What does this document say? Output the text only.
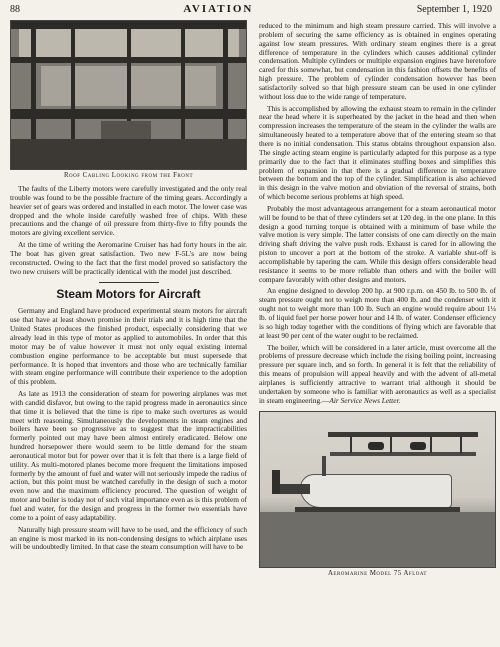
88	AVIATION	September 1, 1920
Roof Cabling Looking from the Front

The faults of the Liberty motors were carefully investigated and the only real trouble was found to be the possible fracture of the timing gears. Accordingly a heavier set of gears was ordered and installed in each motor. The lower case was dropped and the whole inside carefully washed free of chips. With these precautions and the change of oil pressure from thirty-five to fifty pounds the motors are giving excellent service.

At the time of writing the Aeromarine Cruiser has had forty hours in the air. The boat has given great satisfaction. Two new F-5L's are now being reconstructed. Owing to the fact that the first model proved so satisfactory the two new cruisers will be practically identical with the model just described.

Steam Motors for Aircraft

Germany and England have produced experimental steam motors for aircraft use that have at least shown promise in their trials and it is high time that the United States produces the finished product, especially considering that we already lead in this type of motor as applied to automobiles. In order that this motor may be of value however it must not only equal existing internal combustion engine performance to be acceptable but must supersede that performance. It is hoped that inventors and those who are technically familiar with steam engine performance will contribute their experience to the adoption of this problem.

As late as 1913 the consideration of steam for powering airplanes was met with candid disfavor, but owing to the rapid progress made in aeronautics since that time it is believed that the time is ripe to make such overtures as would meet with reasoning. Simultaneously the developments in steam engines and boilers have been so progressive as to suggest that the impracticabilities formerly pointed out may have been almost entirely eradicated. Below one hundred horsepower there would seem to be little demand for the steam aeronautical motor but for power over that it is felt that there is a large field of utility. As multi-motored planes become more frequent the limitations imposed formerly by the amount of fuel and water will not seriously impede the radius of action, but this point must be watched carefully in the design of such a motor even now and the maximum efficiency procured. The question of weight of motor and boiler is today not of such vital importance even as is this problem of fuel and water, for the design and progress in the former two essentials have come to a point of easy adaptability.

Naturally high pressure steam will have to be used, and the efficiency of such an engine is most marked in its non-condensing designs to which airplane uses will be undoubtedly limited. In that case the steam consumption will have to be

reduced to the minimum and high steam pressure carried. This will involve a problem of securing the same efficiency as is obtained in engines operating against low steam pressures. With ordinary steam engines there is a great difference of temperature in the cylinders which causes additional cylinder condensation. Multiple cylinders or multiple expansion engines have heretofore cared for this somewhat, but condensation in this fashion offsets the benefits of high pressure. The problem of cylinder condensation however has been satisfactorily solved so that high pressure steam can be used in one cylinder without loss due to the wide range of temperature.

This is accomplished by allowing the exhaust steam to remain in the cylinder near the head where it is superheated by the jacket in the head and then when compression increases the temperature of the steam in the cylinder the walls are simultaneously heated to a temperature above that of the entering steam so that there is no initial condensation. This status obtains throughout expansion also. The single acting steam engine is particularly adapted for this purpose as a type primarily due to the fact that it eliminates stuffing boxes and simplifies this problem of expansion in that there is a gradual difference in temperature between the bottom and the top of the cylinder. Simplification is also achieved in this design in the valve motion and obviation of the reversal of strains, both of which become serious problems at high speed.

Probably the most advantageous arrangement for a steam aeronautical motor will be found to be that of three cylinders set at 120 deg. in the one plane. In this design a good turning torque is obtained with a minimum of base while the valve motion is very simple. The latter consists of one cam directly on the main driving shaft driving the valve push rods. Exhaust is cared for in allowing the piston to uncover a port at the bottom of the stroke. A variable shut-off is accomplishable by tapering the cam. While this design offers considerable head resistance it seems to be more reliable than others and with the boiler will compare favorably with other designs and motors.

An engine designed to develop 200 hp. at 900 r.p.m. on 450 lb. to 500 lb. of steam pressure ought not to weigh more than 400 lb. and the condenser with it ought not to weight more than 100 lb. Such an engine would require about 1¼ lb. of liquid fuel per horse power hour and 14 lb. of water. Condenser efficiency is so high today together with the conditions of flying which are favorable that at least 90 per cent of the water ought to be reclaimed.

The boiler, which will be considered in a later article, must overcome all the problems of pressure decrease which include the rising boiling point, increasing pressure per square inch, and so forth. In general it is felt that the reliability of this means of propulsion will appeal heavily and with the advent of all-metal airplanes is sufficiently attractive to warrant trial although it should be undertaken by someone who is familiar with aeronautics as well as a specialist in steam engineering.—Air Service News Letter.

Aeromarine Model 75 Afloat
